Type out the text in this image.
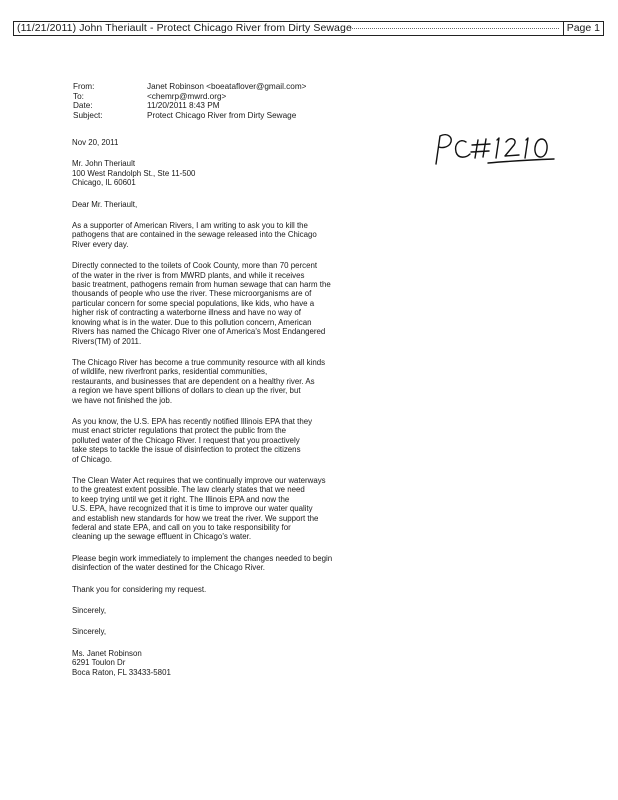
(11/21/2011) John Theriault - Protect Chicago River from Dirty Sewage	Page 1
From:	Janet Robinson <boeataflover@gmail.com>
To:	<chemrp@mwrd.org>
Date:	11/20/2011 8:43 PM
Subject:	Protect Chicago River from Dirty Sewage
Nov 20, 2011
Mr. John Theriault
100 West Randolph St., Ste 11-500
Chicago, IL 60601
Dear Mr. Theriault,
As a supporter of American Rivers, I am writing to ask you to kill the
pathogens that are contained in the sewage released into the Chicago
River every day.
Directly connected to the toilets of Cook County, more than 70 percent
of the water in the river is from MWRD plants, and while it receives
basic treatment, pathogens remain from human sewage that can harm the
thousands of people who use the river. These microorganisms are of
particular concern for some special populations, like kids, who have a
higher risk of contracting a waterborne illness and have no way of
knowing what is in the water. Due to this pollution concern, American
Rivers has named the Chicago River one of America's Most Endangered
Rivers(TM) of 2011.
The Chicago River has become a true community resource with all kinds
of wildlife, new riverfront parks, residential communities,
restaurants, and businesses that are dependent on a healthy river. As
a region we have spent billions of dollars to clean up the river, but
we have not finished the job.
As you know, the U.S. EPA has recently notified Illinois EPA that they
must enact stricter regulations that protect the public from the
polluted water of the Chicago River. I request that you proactively
take steps to tackle the issue of disinfection to protect the citizens
of Chicago.
The Clean Water Act requires that we continually improve our waterways
to the greatest extent possible. The law clearly states that we need
to keep trying until we get it right. The Illinois EPA and now the
U.S. EPA, have recognized that it is time to improve our water quality
and establish new standards for how we treat the river. We support the
federal and state EPA, and call on you to take responsibility for
cleaning up the sewage effluent in Chicago's water.
Please begin work immediately to implement the changes needed to begin
disinfection of the water destined for the Chicago River.
Thank you for considering my request.
Sincerely,
Sincerely,
Ms. Janet Robinson
6291 Toulon Dr
Boca Raton, FL 33433-5801
